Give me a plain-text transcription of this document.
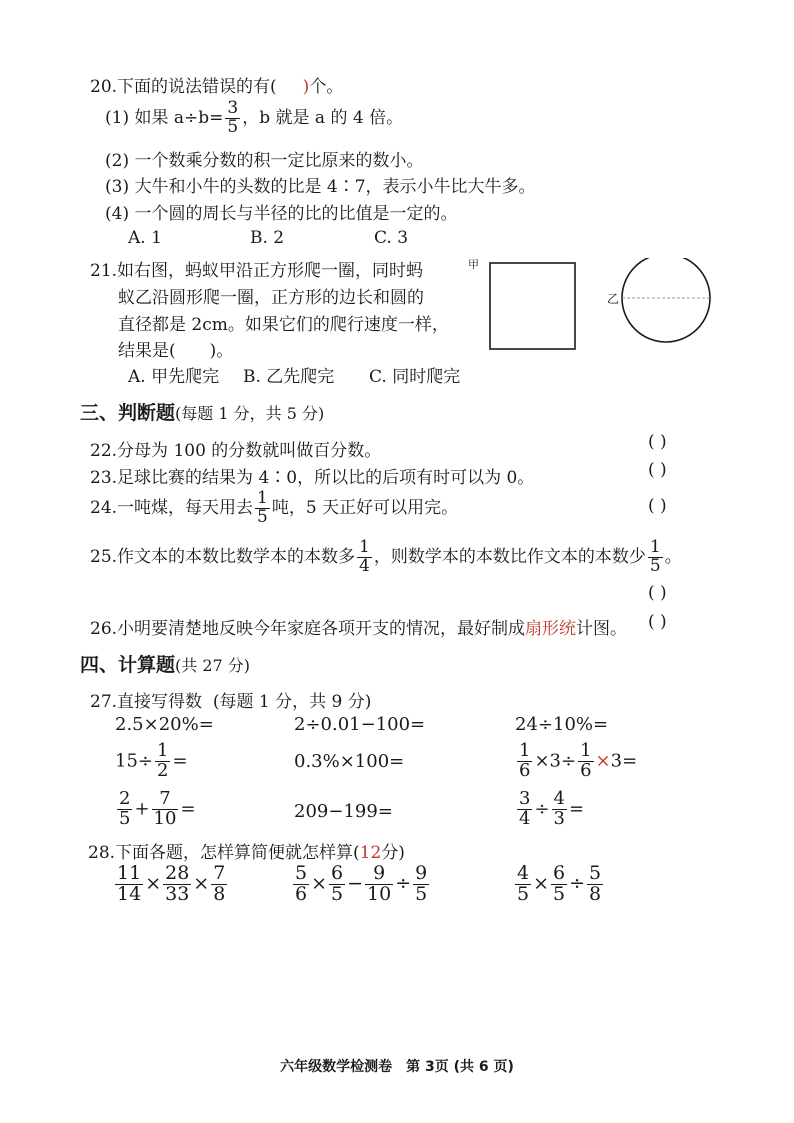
20.下面的说法错误的有( )个。
(1) 如果 $a\div b= \frac{3}{5}$ ，b 就是 a 的 4 倍。
(2) 一个数乘分数的积一定比原来的数小。
(3) 大牛和小牛的头数的比是 4∶7，表示小牛比大牛多。
(4) 一个圆的周长与半径的比的比值是一定的。
A. 1	B. 2	C. 3
21.如右图，蚂蚁甲沿正方形爬一圈，同时蚂
蚁乙沿圆形爬一圈，正方形的边长和圆的
直径都是 2cm。如果它们的爬行速度一样，
结果是( )。
A. 甲先爬完 B. 乙先爬完 C. 同时爬完
甲
乙
三、判断题(每题 1 分，共 5 分)
22.分母为 100 的分数就叫做百分数。	( )
23.足球比赛的结果为 4∶0，所以比的后项有时可以为 0。	( )
24.一吨煤，每天用去 $\frac{1}{5}$ 吨，5 天正好可以用完。	( )
25.作文本的本数比数学本的本数多 $\frac{1}{4}$ ，则数学本的本数比作文本的本数少 $\frac{1}{5}$ 。
( )
26.小明要清楚地反映今年家庭各项开支的情况，最好制成扇形统计图。 ( )
四、计算题(共 27 分)
27.直接写得数 (每题 1 分，共 9 分)
2.5×20%=	2÷0.01−100=	24÷10%=
$15\div \frac{1}{2}$ =	0.3%×100=	$\frac{1}{6} \times 3\div \frac{1}{6} \times 3=$
$\frac{2}{5} + \frac{7}{10}$ =	209−199=	$\frac{3}{4} \div \frac{4}{3}$ =
28.下面各题，怎样算简便就怎样算(12分)
$\frac{11}{14} \times \frac{28}{33} \times \frac{7}{8}$	$\frac{5}{6} \times \frac{6}{5} - \frac{9}{10} \div \frac{9}{5}$	$\frac{4}{5} \times \frac{6}{5} \div \frac{5}{8}$
六年级数学检测卷　第 3页 (共 6 页)
